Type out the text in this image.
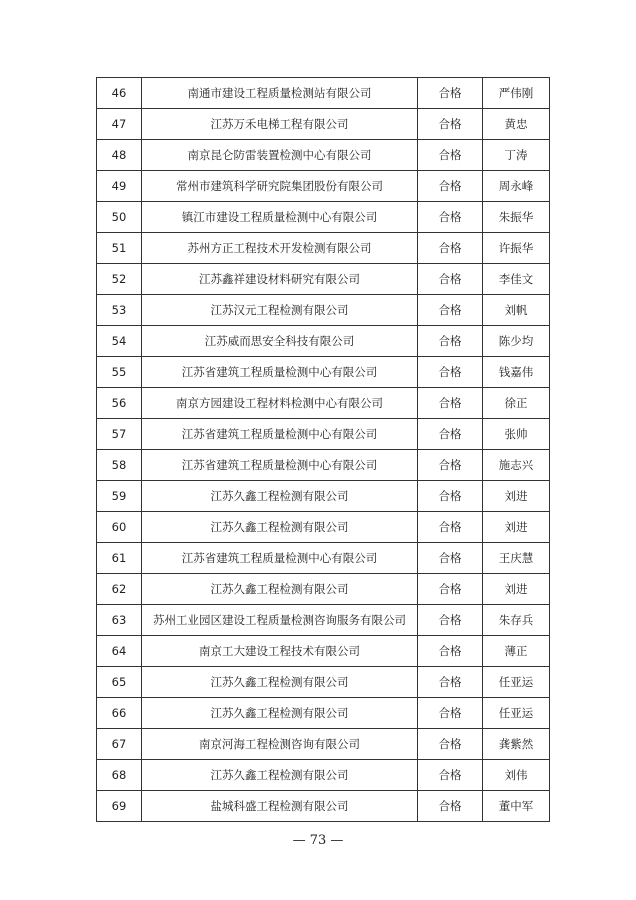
46	南通市建设工程质量检测站有限公司	合格	严伟刚
47	江苏万禾电梯工程有限公司	合格	黄忠
48	南京昆仑防雷装置检测中心有限公司	合格	丁涛
49	常州市建筑科学研究院集团股份有限公司	合格	周永峰
50	镇江市建设工程质量检测中心有限公司	合格	朱振华
51	苏州方正工程技术开发检测有限公司	合格	许振华
52	江苏鑫祥建设材料研究有限公司	合格	李佳文
53	江苏汉元工程检测有限公司	合格	刘帆
54	江苏威而思安全科技有限公司	合格	陈少均
55	江苏省建筑工程质量检测中心有限公司	合格	钱嘉伟
56	南京方园建设工程材料检测中心有限公司	合格	徐正
57	江苏省建筑工程质量检测中心有限公司	合格	张帅
58	江苏省建筑工程质量检测中心有限公司	合格	施志兴
59	江苏久鑫工程检测有限公司	合格	刘进
60	江苏久鑫工程检测有限公司	合格	刘进
61	江苏省建筑工程质量检测中心有限公司	合格	王庆慧
62	江苏久鑫工程检测有限公司	合格	刘进
63	苏州工业园区建设工程质量检测咨询服务有限公司	合格	朱存兵
64	南京工大建设工程技术有限公司	合格	薄正
65	江苏久鑫工程检测有限公司	合格	任亚运
66	江苏久鑫工程检测有限公司	合格	任亚运
67	南京河海工程检测咨询有限公司	合格	龚紫然
68	江苏久鑫工程检测有限公司	合格	刘伟
69	盐城科盛工程检测有限公司	合格	董中军
— 73 —
